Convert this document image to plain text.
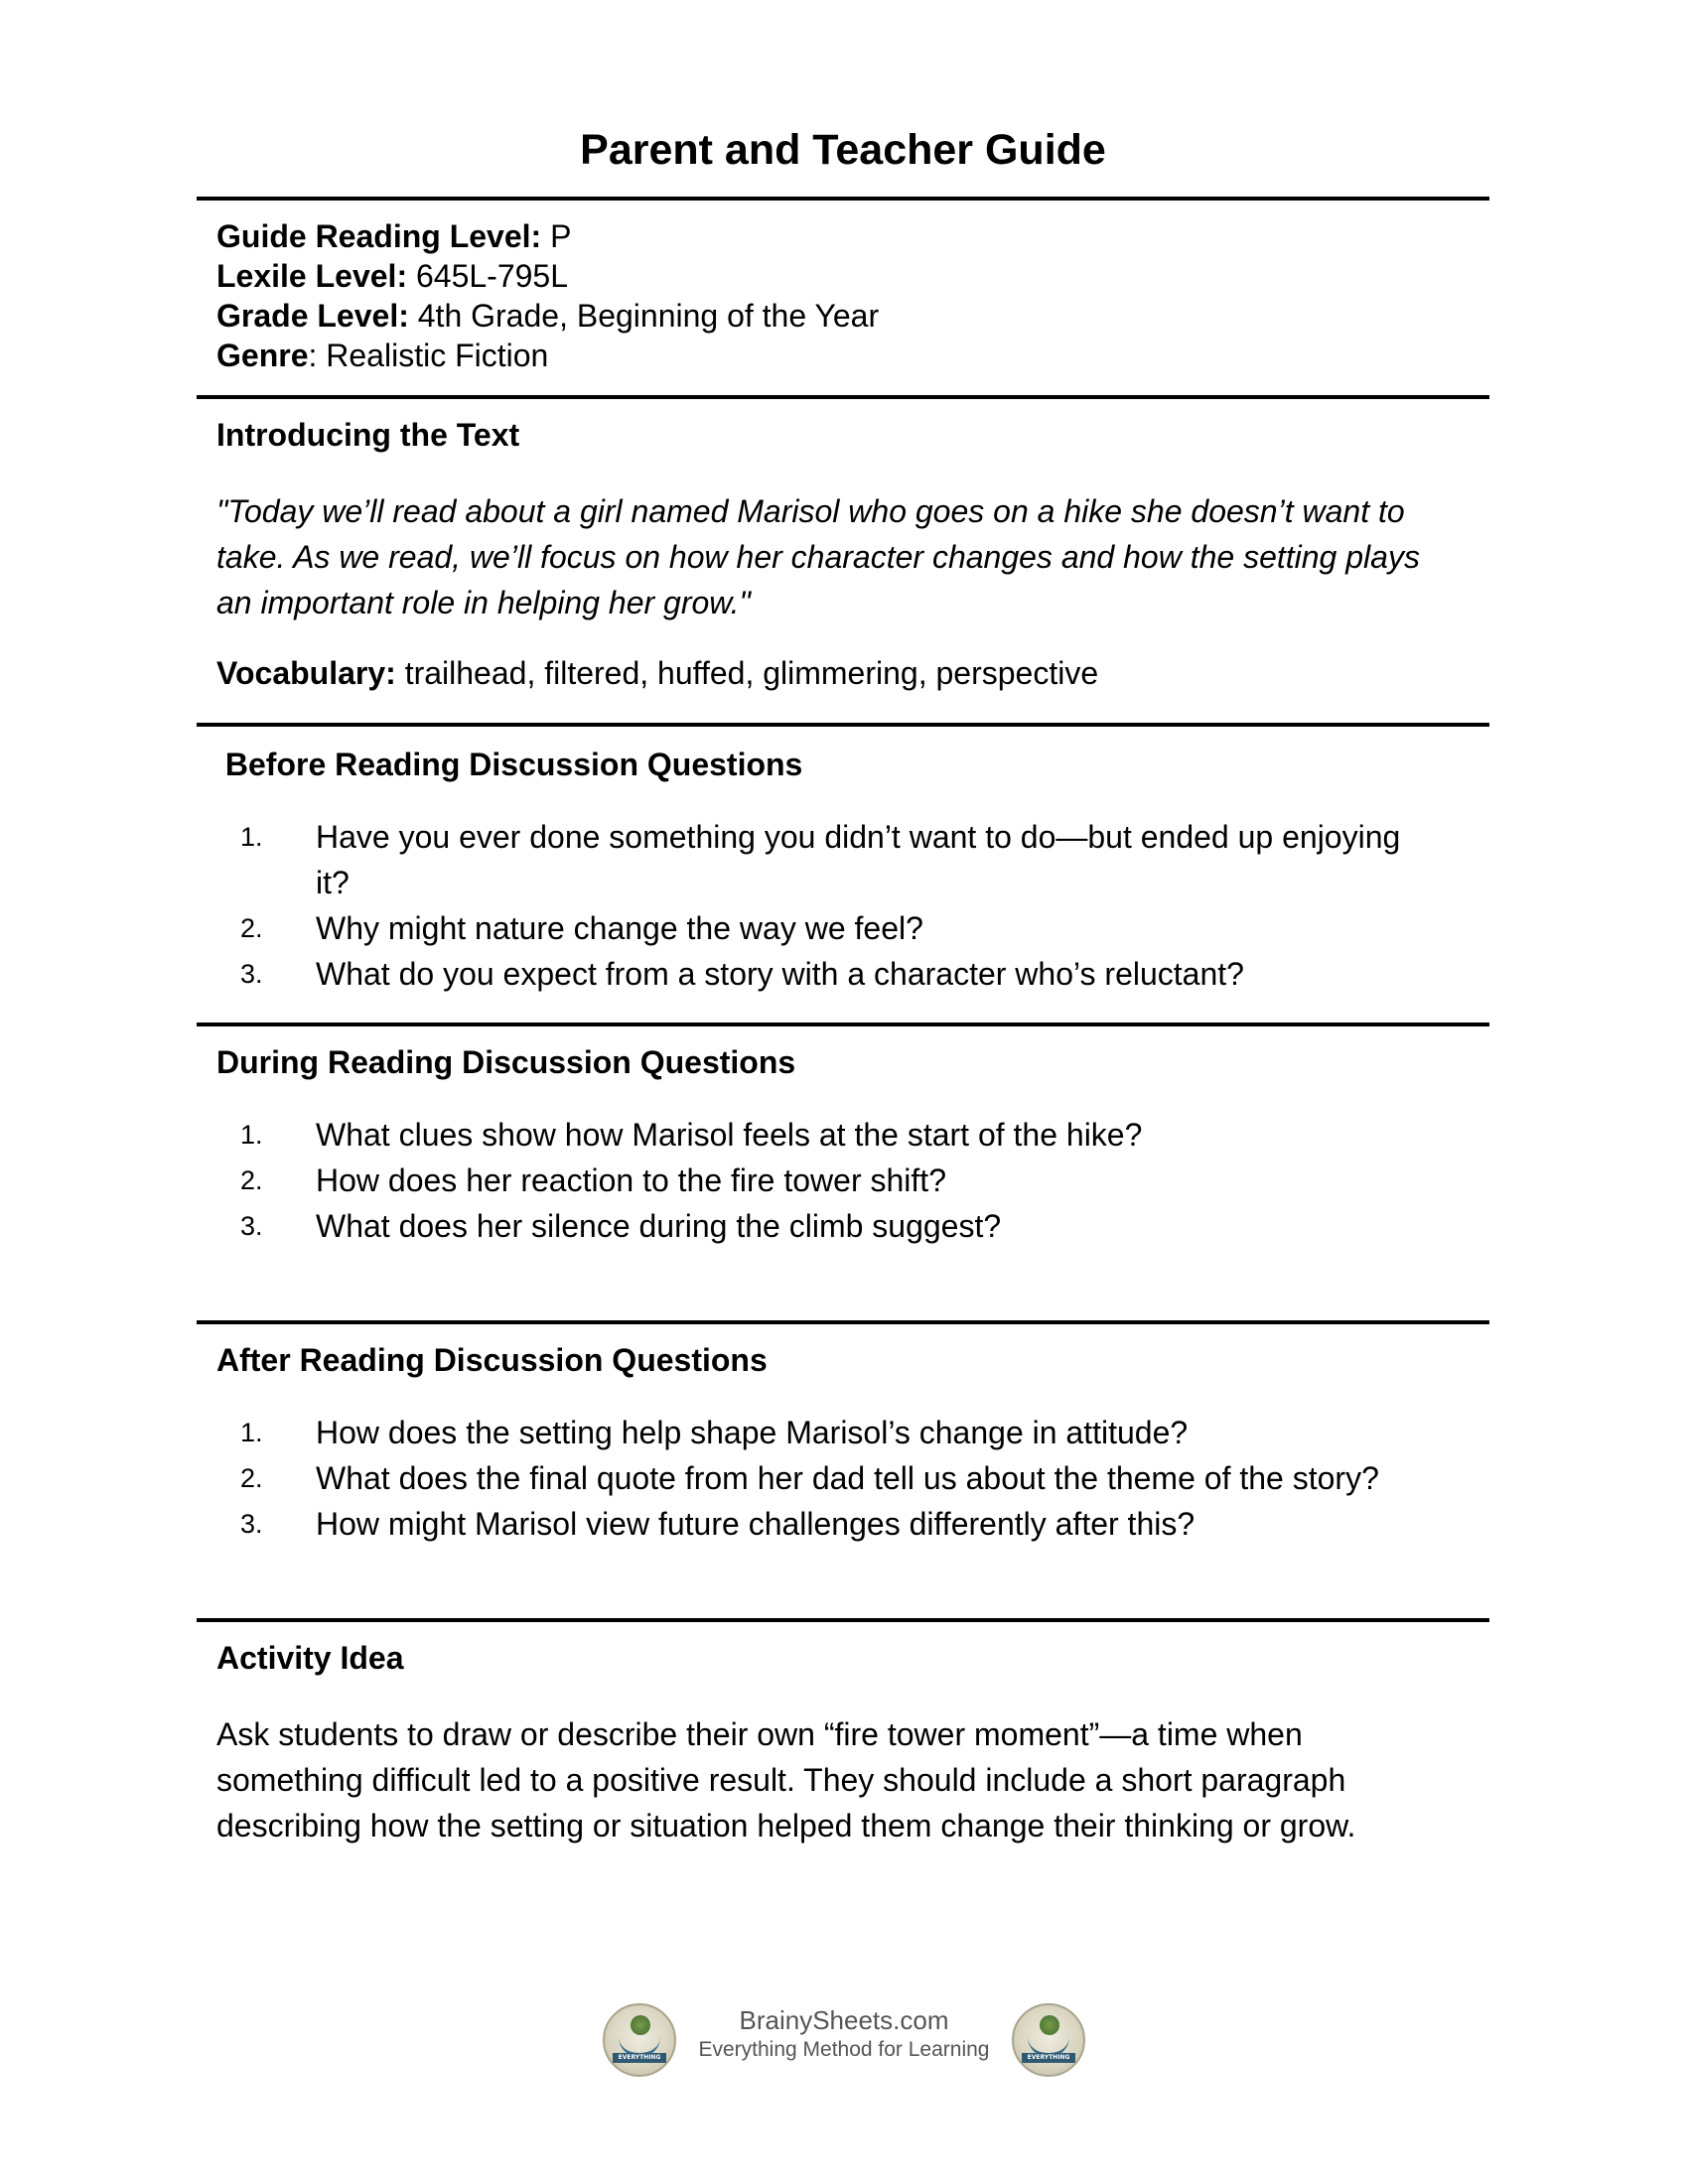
Parent and Teacher Guide
Guide Reading Level: P
Lexile Level: 645L-795L
Grade Level: 4th Grade, Beginning of the Year
Genre: Realistic Fiction
Introducing the Text
"Today we’ll read about a girl named Marisol who goes on a hike she doesn’t want to
take. As we read, we’ll focus on how her character changes and how the setting plays
an important role in helping her grow."
Vocabulary: trailhead, filtered, huffed, glimmering, perspective
Before Reading Discussion Questions
1. Have you ever done something you didn’t want to do—but ended up enjoying
it?
2. Why might nature change the way we feel?
3. What do you expect from a story with a character who’s reluctant?
During Reading Discussion Questions
1. What clues show how Marisol feels at the start of the hike?
2. How does her reaction to the fire tower shift?
3. What does her silence during the climb suggest?
After Reading Discussion Questions
1. How does the setting help shape Marisol’s change in attitude?
2. What does the final quote from her dad tell us about the theme of the story?
3. How might Marisol view future challenges differently after this?
Activity Idea
Ask students to draw or describe their own “fire tower moment”—a time when
something difficult led to a positive result. They should include a short paragraph
describing how the setting or situation helped them change their thinking or grow.
EVERYTHING
BrainySheets.com
Everything Method for Learning	EVERYTHING
